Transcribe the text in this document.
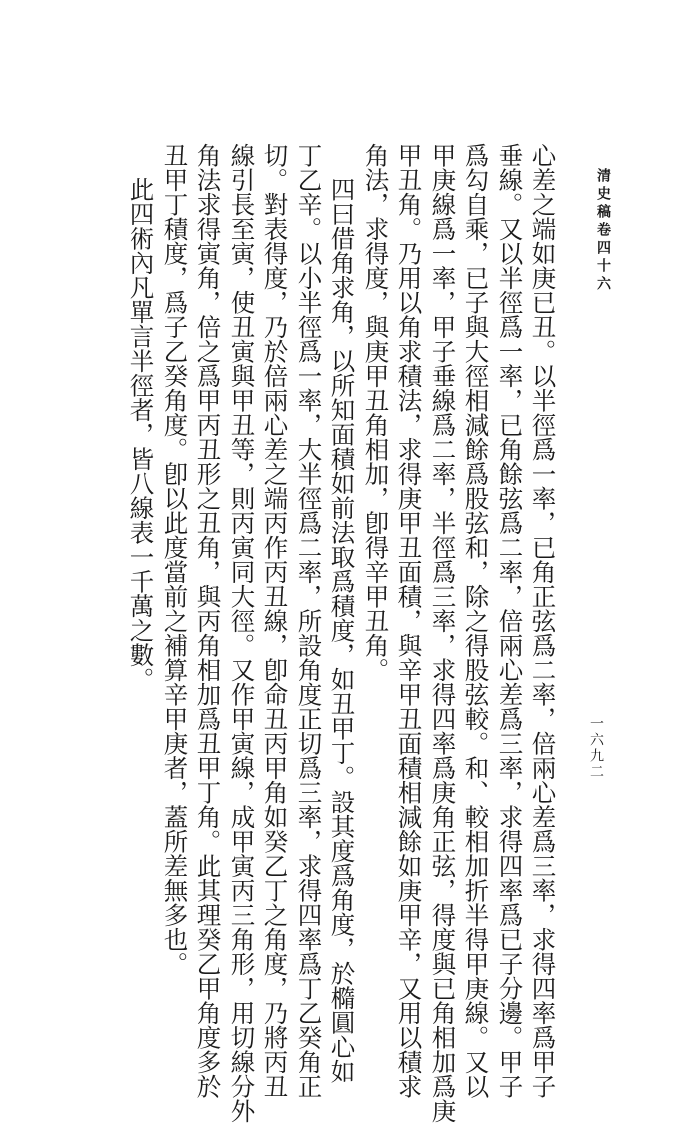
清史稿卷四十六
一六九二
心差之端如庚已丑。以半徑爲一率，已角正弦爲二率，倍兩心差爲三率，求得四率爲甲子
垂線。又以半徑爲一率，已角餘弦爲二率，倍兩心差爲三率，求得四率爲已子分邊。甲子
爲勾自乘，已子與大徑相減餘爲股弦和，除之得股弦較。和、較相加折半得甲庚線。又以
甲庚線爲一率，甲子垂線爲二率，半徑爲三率，求得四率爲庚角正弦，得度與已角相加爲庚
甲丑角。乃用以角求積法，求得庚甲丑面積，與辛甲丑面積相減餘如庚甲辛，又用以積求
角法，求得度，與庚甲丑角相加，卽得辛甲丑角。
四曰借角求角，以所知面積如前法取爲積度，如丑甲丁。設其度爲角度，於橢圓心如
丁乙辛。以小半徑爲一率，大半徑爲二率，所設角度正切爲三率，求得四率爲丁乙癸角正
切。對表得度，乃於倍兩心差之端丙作丙丑線，卽命丑丙甲角如癸乙丁之角度，乃將丙丑
線引長至寅，使丑寅與甲丑等，則丙寅同大徑。又作甲寅線，成甲寅丙三角形，用切線分外
角法求得寅角，倍之爲甲丙丑形之丑角，與丙角相加爲丑甲丁角。此其理癸乙甲角度多於
丑甲丁積度，爲子乙癸角度。卽以此度當前之補算辛甲庚者，蓋所差無多也。
此四術內凡單言半徑者，皆八線表一千萬之數。
